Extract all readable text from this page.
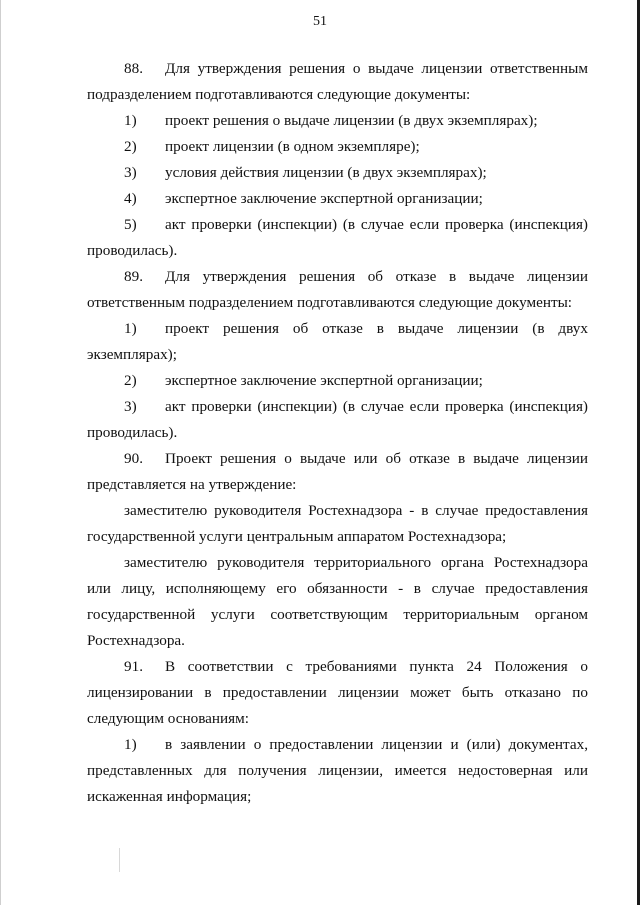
51

88. Для утверждения решения о выдаче лицензии ответственным подразделением подготавливаются следующие документы:

1) проект решения о выдаче лицензии (в двух экземплярах);

2) проект лицензии (в одном экземпляре);

3) условия действия лицензии (в двух экземплярах);

4) экспертное заключение экспертной организации;

5) акт проверки (инспекции) (в случае если проверка (инспекция) проводилась).

89. Для утверждения решения об отказе в выдаче лицензии ответственным подразделением подготавливаются следующие документы:

1) проект решения об отказе в выдаче лицензии (в двух экземплярах);

2) экспертное заключение экспертной организации;

3) акт проверки (инспекции) (в случае если проверка (инспекция) проводилась).

90. Проект решения о выдаче или об отказе в выдаче лицензии представляется на утверждение:

заместителю руководителя Ростехнадзора - в случае предоставления государственной услуги центральным аппаратом Ростехнадзора;

заместителю руководителя территориального органа Ростехнадзора или лицу, исполняющему его обязанности - в случае предоставления государственной услуги соответствующим территориальным органом Ростехнадзора.

91. В соответствии с требованиями пункта 24 Положения о лицензировании в предоставлении лицензии может быть отказано по следующим основаниям:

1) в заявлении о предоставлении лицензии и (или) документах, представленных для получения лицензии, имеется недостоверная или искаженная информация;
